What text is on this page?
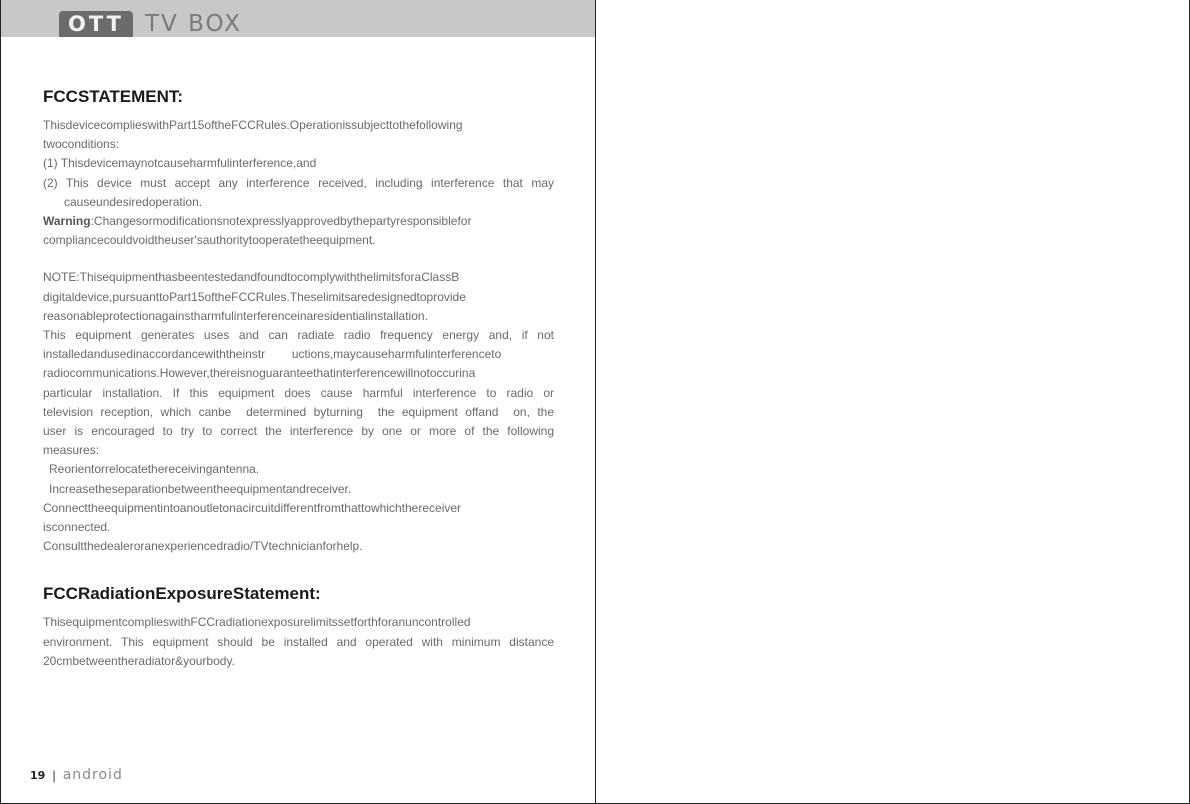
OTT TV BOX
FCCSTATEMENT:
ThisdevicecomplieswithPart15oftheFCCRules.Operationissubjecttothefollowing
twoconditions:
(1) Thisdevicemaynotcauseharmfulinterference,and
(2) This device must accept any interference received, including interference that may
causeundesiredoperation.
Warning:Changesormodificationsnotexpresslyapprovedbythepartyresponsiblefor
compliancecouldvoidtheuser'sauthoritytooperatetheequipment.
NOTE:ThisequipmenthasbeentestedandfoundtocomplywiththelimitsforaClassB
digitaldevice,pursuanttoPart15oftheFCCRules.Theselimitsaredesignedtoprovide
reasonableprotectionagainstharmfulinterferenceinaresidentialinstallation.
This  equipment  generates  uses  and  can  radiate  radio  frequency  energy  and,  if  not
installedandusedinaccordancewiththeinstr        uctions,maycauseharmfulinterferenceto
radiocommunications.However,thereisnoguaranteethatinterferencewillnotoccurina
particular  installation.  If  this  equipment  does  cause  harmful  interference  to  radio  or
television reception, which canbe  determined byturning  the equipment offand  on, the
user  is  encouraged  to  try  to  correct  the  interference  by  one  or  more  of  the  following
measures:
Reorientorrelocatethereceivingantenna.
Increasetheseparationbetweentheequipmentandreceiver.
Connecttheequipmentintoanoutletonacircuitdifferentfromthattowhichthereceiver
isconnected.
Consultthedealeroranexperiencedradio/TVtechnicianforhelp.
FCCRadiationExposureStatement:
ThisequipmentcomplieswithFCCradiationexposurelimitssetforthforanuncontrolled
environment.  This  equipment  should  be  installed  and  operated  with  minimum  distance
20cmbetweentheradiator&yourbody.
19 | android
